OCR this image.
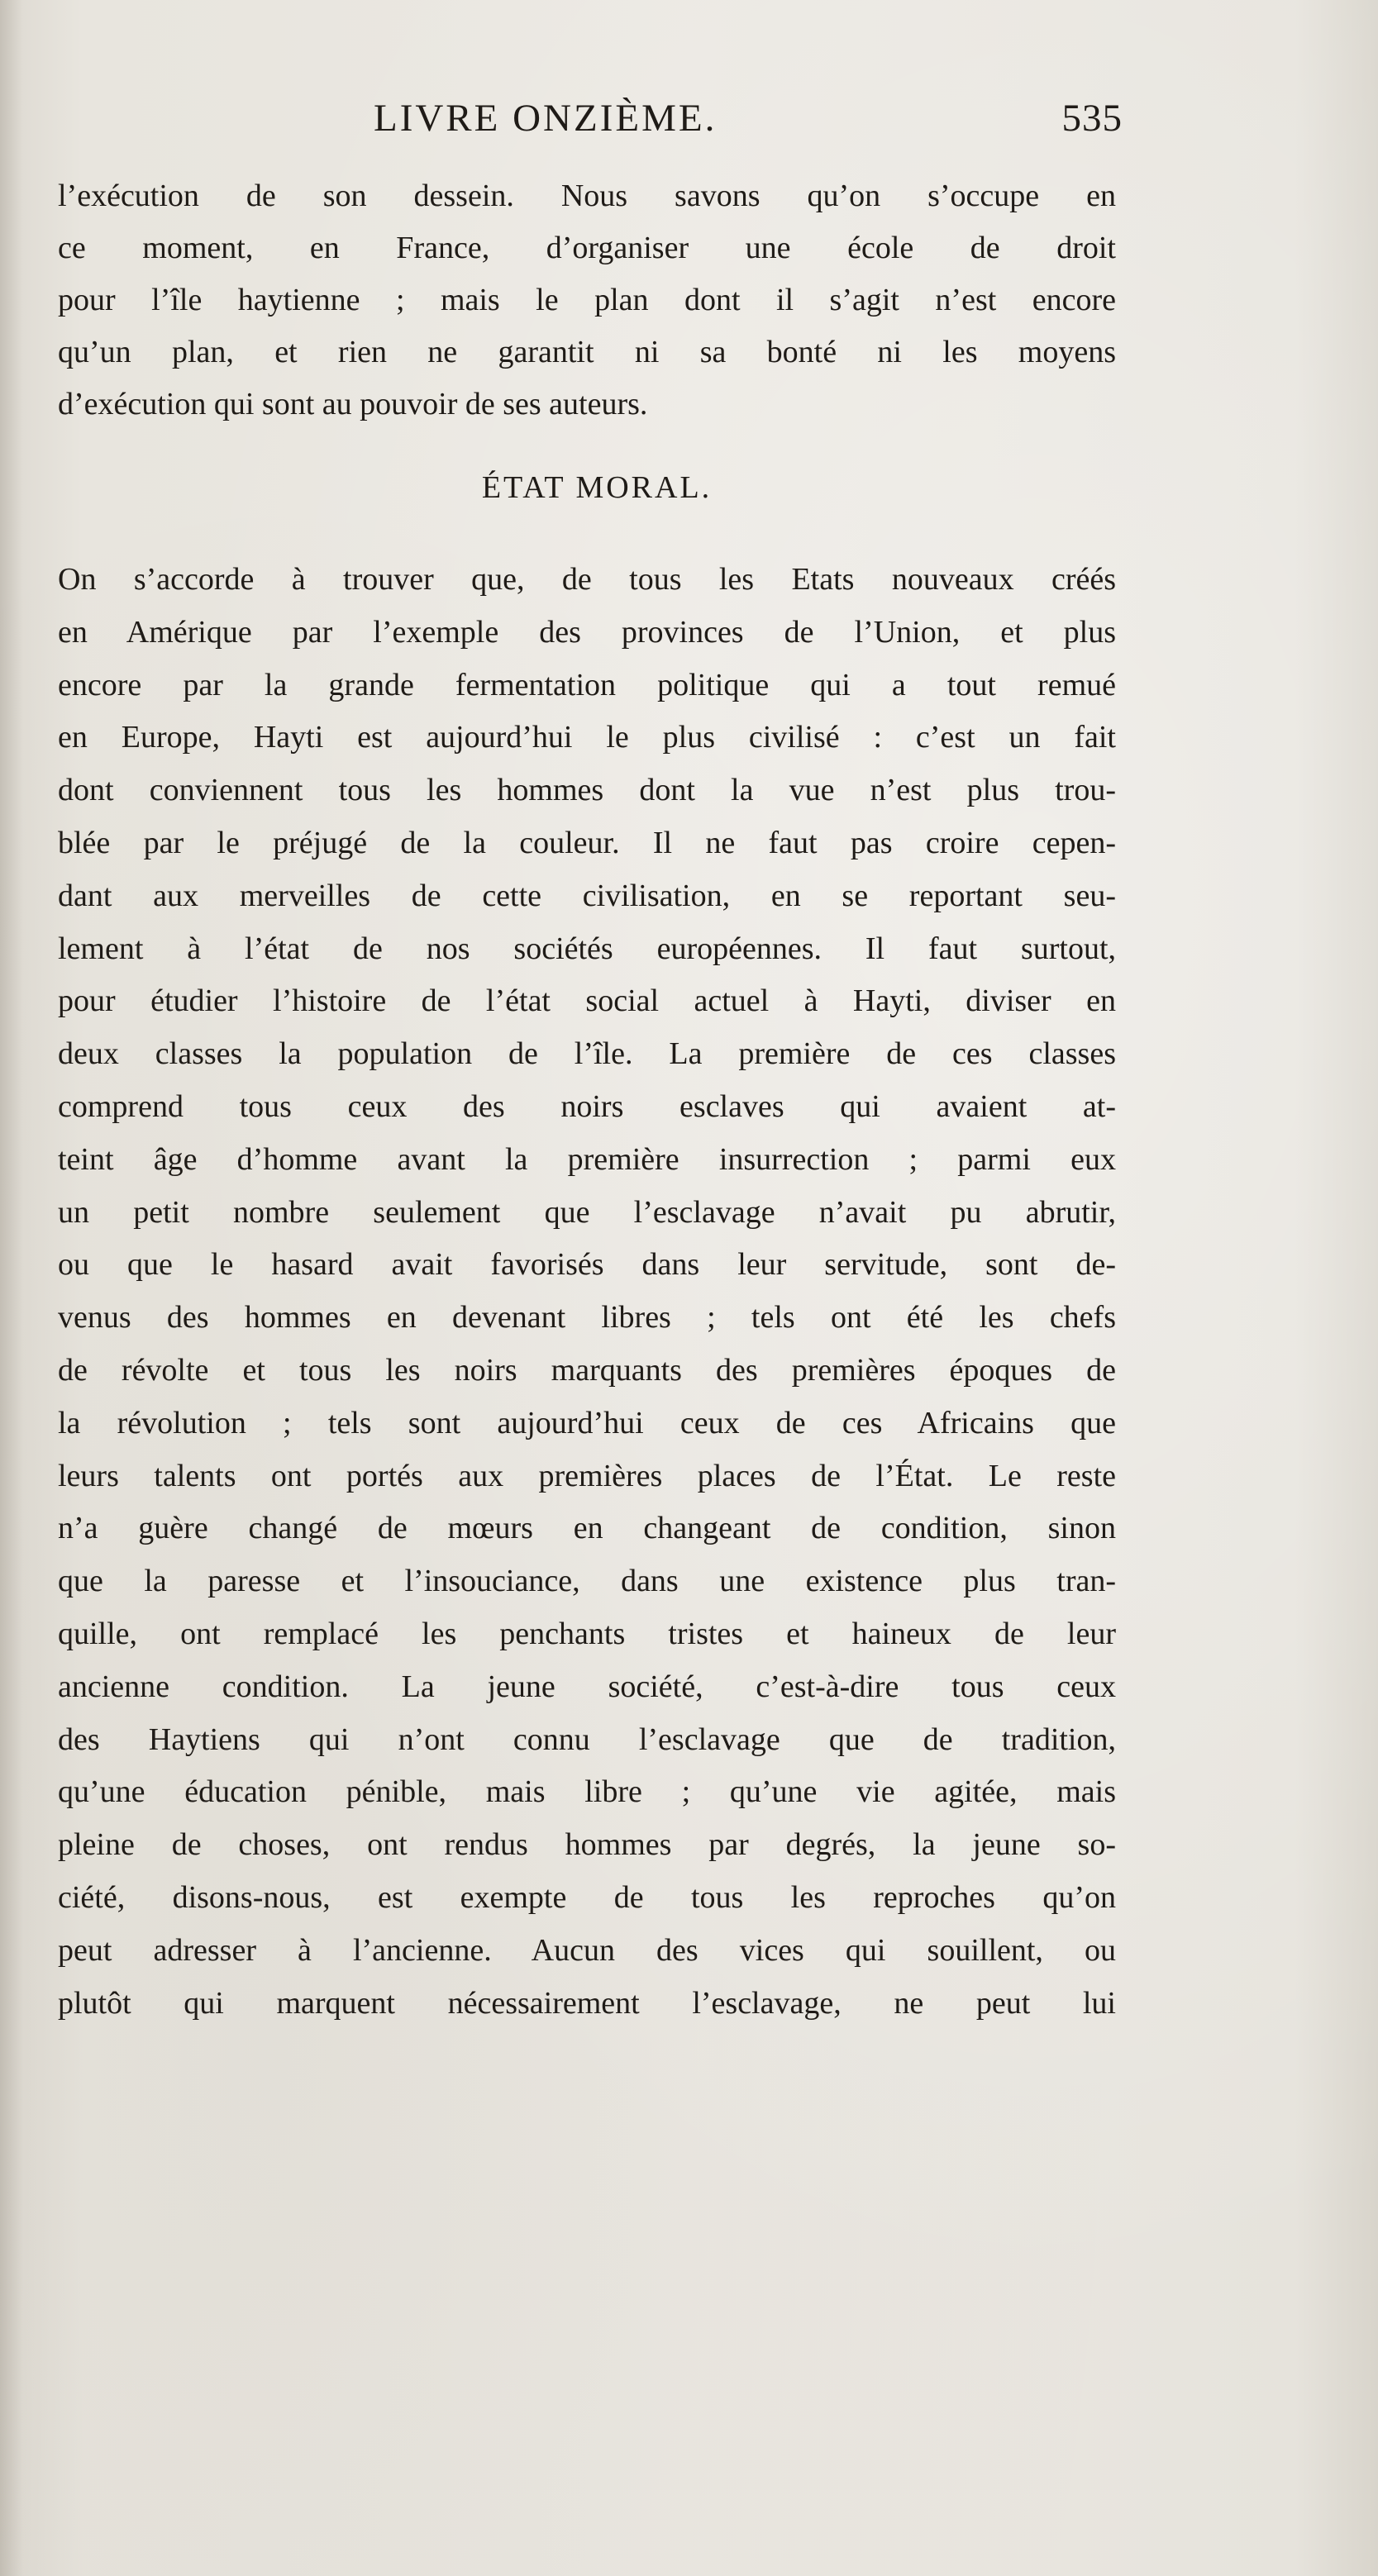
LIVRE ONZIÈME.	535
l’exécution de son dessein. Nous savons qu’on s’occupe en
ce moment, en France, d’organiser une école de droit
pour l’île haytienne ; mais le plan dont il s’agit n’est encore
qu’un plan, et rien ne garantit ni sa bonté ni les moyens
d’exécution qui sont au pouvoir de ses auteurs.
ÉTAT MORAL.
On s’accorde à trouver que, de tous les Etats nouveaux créés
en Amérique par l’exemple des provinces de l’Union, et plus
encore par la grande fermentation politique qui a tout remué
en Europe, Hayti est aujourd’hui le plus civilisé : c’est un fait
dont conviennent tous les hommes dont la vue n’est plus trou-
blée par le préjugé de la couleur. Il ne faut pas croire cepen-
dant aux merveilles de cette civilisation, en se reportant seu-
lement à l’état de nos sociétés européennes. Il faut surtout,
pour étudier l’histoire de l’état social actuel à Hayti, diviser en
deux classes la population de l’île. La première de ces classes
comprend tous ceux des noirs esclaves qui avaient at-
teint âge d’homme avant la première insurrection ; parmi eux
un petit nombre seulement que l’esclavage n’avait pu abrutir,
ou que le hasard avait favorisés dans leur servitude, sont de-
venus des hommes en devenant libres ; tels ont été les chefs
de révolte et tous les noirs marquants des premières époques de
la révolution ; tels sont aujourd’hui ceux de ces Africains que
leurs talents ont portés aux premières places de l’État. Le reste
n’a guère changé de mœurs en changeant de condition, sinon
que la paresse et l’insouciance, dans une existence plus tran-
quille, ont remplacé les penchants tristes et haineux de leur
ancienne condition. La jeune société, c’est-à-dire tous ceux
des Haytiens qui n’ont connu l’esclavage que de tradition,
qu’une éducation pénible, mais libre ; qu’une vie agitée, mais
pleine de choses, ont rendus hommes par degrés, la jeune so-
ciété, disons-nous, est exempte de tous les reproches qu’on
peut adresser à l’ancienne. Aucun des vices qui souillent, ou
plutôt qui marquent nécessairement l’esclavage, ne peut lui
